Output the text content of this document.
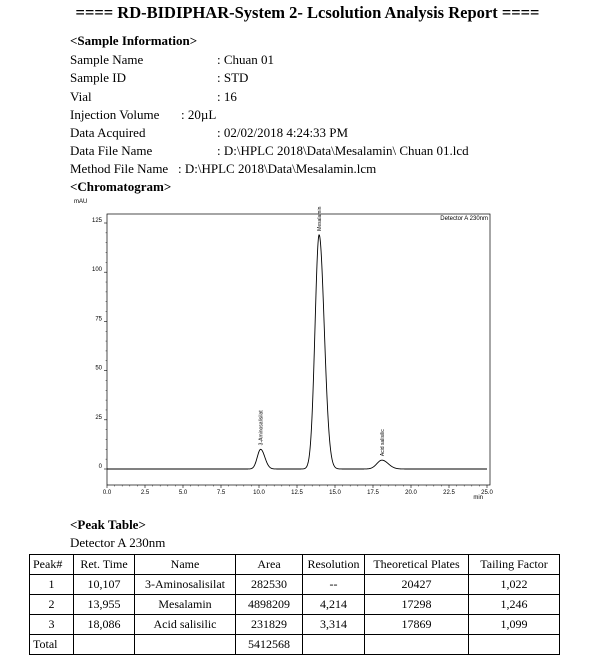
==== RD-BIDIPHAR-System 2- Lcsolution Analysis Report ====
<Sample Information>
Sample Name	: Chuan 01
Sample ID	: STD
Vial	: 16
Injection Volume : 20µL
Data Acquired	: 02/02/2018 4:24:33 PM
Data File Name	: D:\HPLC 2018\Data\Mesalamin\ Chuan 01.lcd
Method File Name : D:\HPLC 2018\Data\Mesalamin.lcm
<Chromatogram>
mAU
min
Detector A 230nm
0
25
50
75
100
125
0.0	2.5	5.0	7.5	10.0	12.5	15.0	17.5	20.0	22.5	25.0
3-Aminosalisilat
Mesalamin
Acid salisilic
<Peak Table>
Detector A 230nm
Peak#	Ret. Time	Name	Area	Resolution	Theoretical Plates	Tailing Factor
1	10,107	3-Aminosalisilat	282530	--	20427	1,022
2	13,955	Mesalamin	4898209	4,214	17298	1,246
3	18,086	Acid salisilic	231829	3,314	17869	1,099
Total			5412568			
